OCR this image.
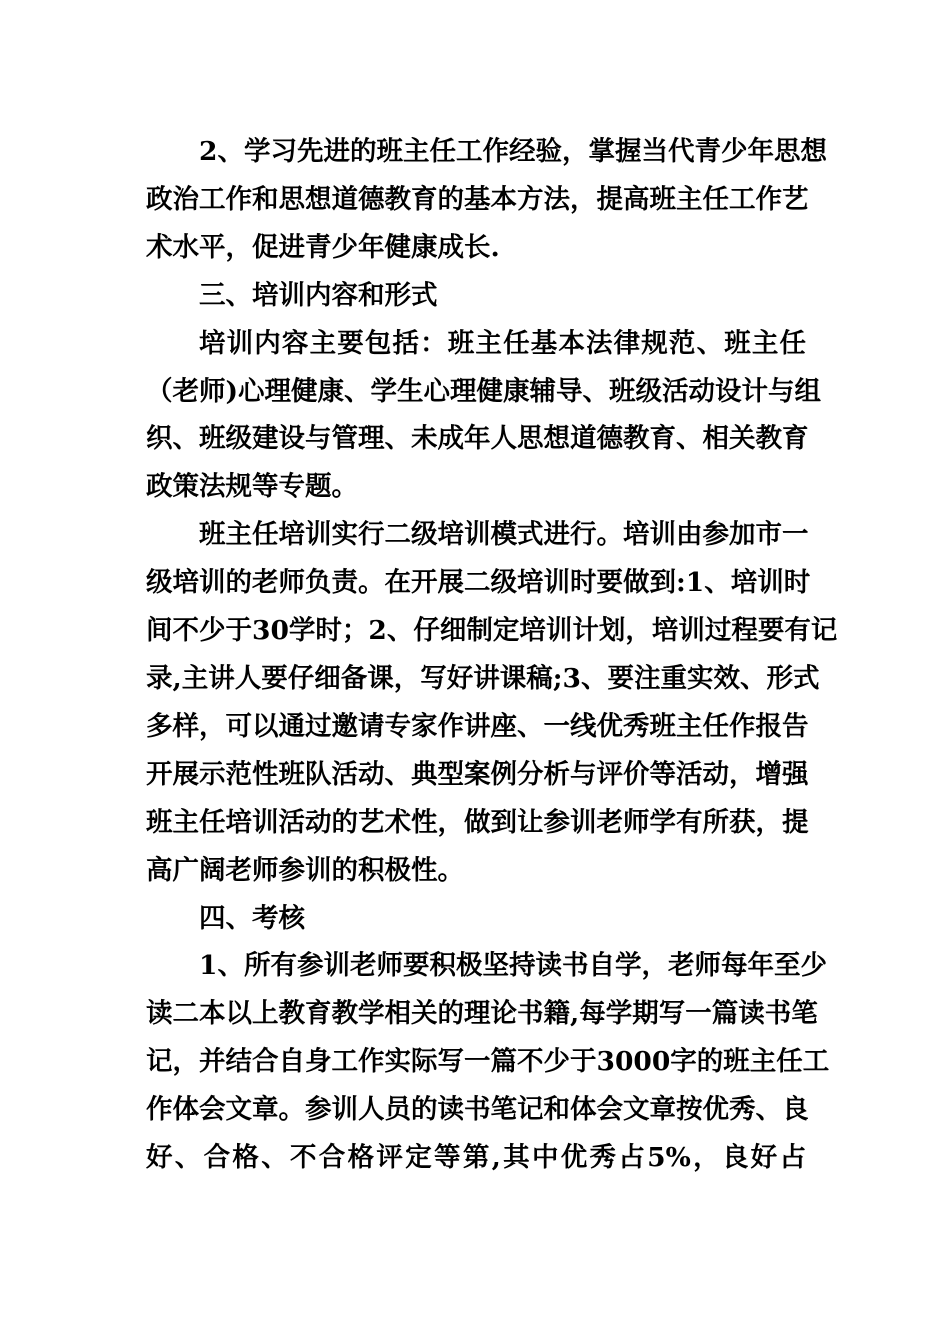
2、学习先进的班主任工作经验，掌握当代青少年思想
政治工作和思想道德教育的基本方法，提高班主任工作艺
术水平，促进青少年健康成长.
三、培训内容和形式
培训内容主要包括：班主任基本法律规范、班主任
（老师)心理健康、学生心理健康辅导、班级活动设计与组
织、班级建设与管理、未成年人思想道德教育、相关教育
政策法规等专题。
班主任培训实行二级培训模式进行。培训由参加市一
级培训的老师负责。在开展二级培训时要做到:1、培训时
间不少于30学时；2、仔细制定培训计划，培训过程要有记
录,主讲人要仔细备课，写好讲课稿;3、要注重实效、形式
多样，可以通过邀请专家作讲座、一线优秀班主任作报告
开展示范性班队活动、典型案例分析与评价等活动，增强
班主任培训活动的艺术性，做到让参训老师学有所获，提
高广阔老师参训的积极性。
四、考核
1、所有参训老师要积极坚持读书自学，老师每年至少
读二本以上教育教学相关的理论书籍,每学期写一篇读书笔
记，并结合自身工作实际写一篇不少于3000字的班主任工
作体会文章。参训人员的读书笔记和体会文章按优秀、良
好、合格、不合格评定等第,其中优秀占5%，良好占
